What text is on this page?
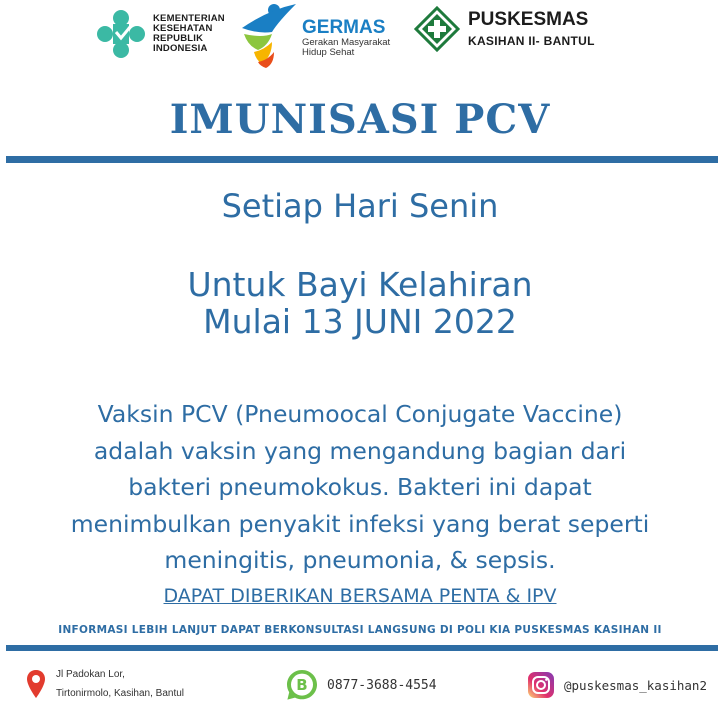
KEMENTERIAN
KESEHATAN
REPUBLIK
INDONESIA
GERMAS
Gerakan Masyarakat
Hidup Sehat
PUSKESMAS
KASIHAN II- BANTUL
IMUNISASI PCV
Setiap Hari Senin
Untuk Bayi Kelahiran
Mulai 13 JUNI 2022
Vaksin PCV (Pneumoocal Conjugate Vaccine)
adalah vaksin yang mengandung bagian dari
bakteri pneumokokus. Bakteri ini dapat
menimbulkan penyakit infeksi yang berat seperti
meningitis, pneumonia, & sepsis.
DAPAT DIBERIKAN BERSAMA PENTA & IPV
INFORMASI LEBIH LANJUT DAPAT BERKONSULTASI LANGSUNG DI POLI KIA PUSKESMAS KASIHAN II
Jl Padokan Lor,
Tirtonirmolo, Kasihan, Bantul	B 0877-3688-4554	@puskesmas_kasihan2
